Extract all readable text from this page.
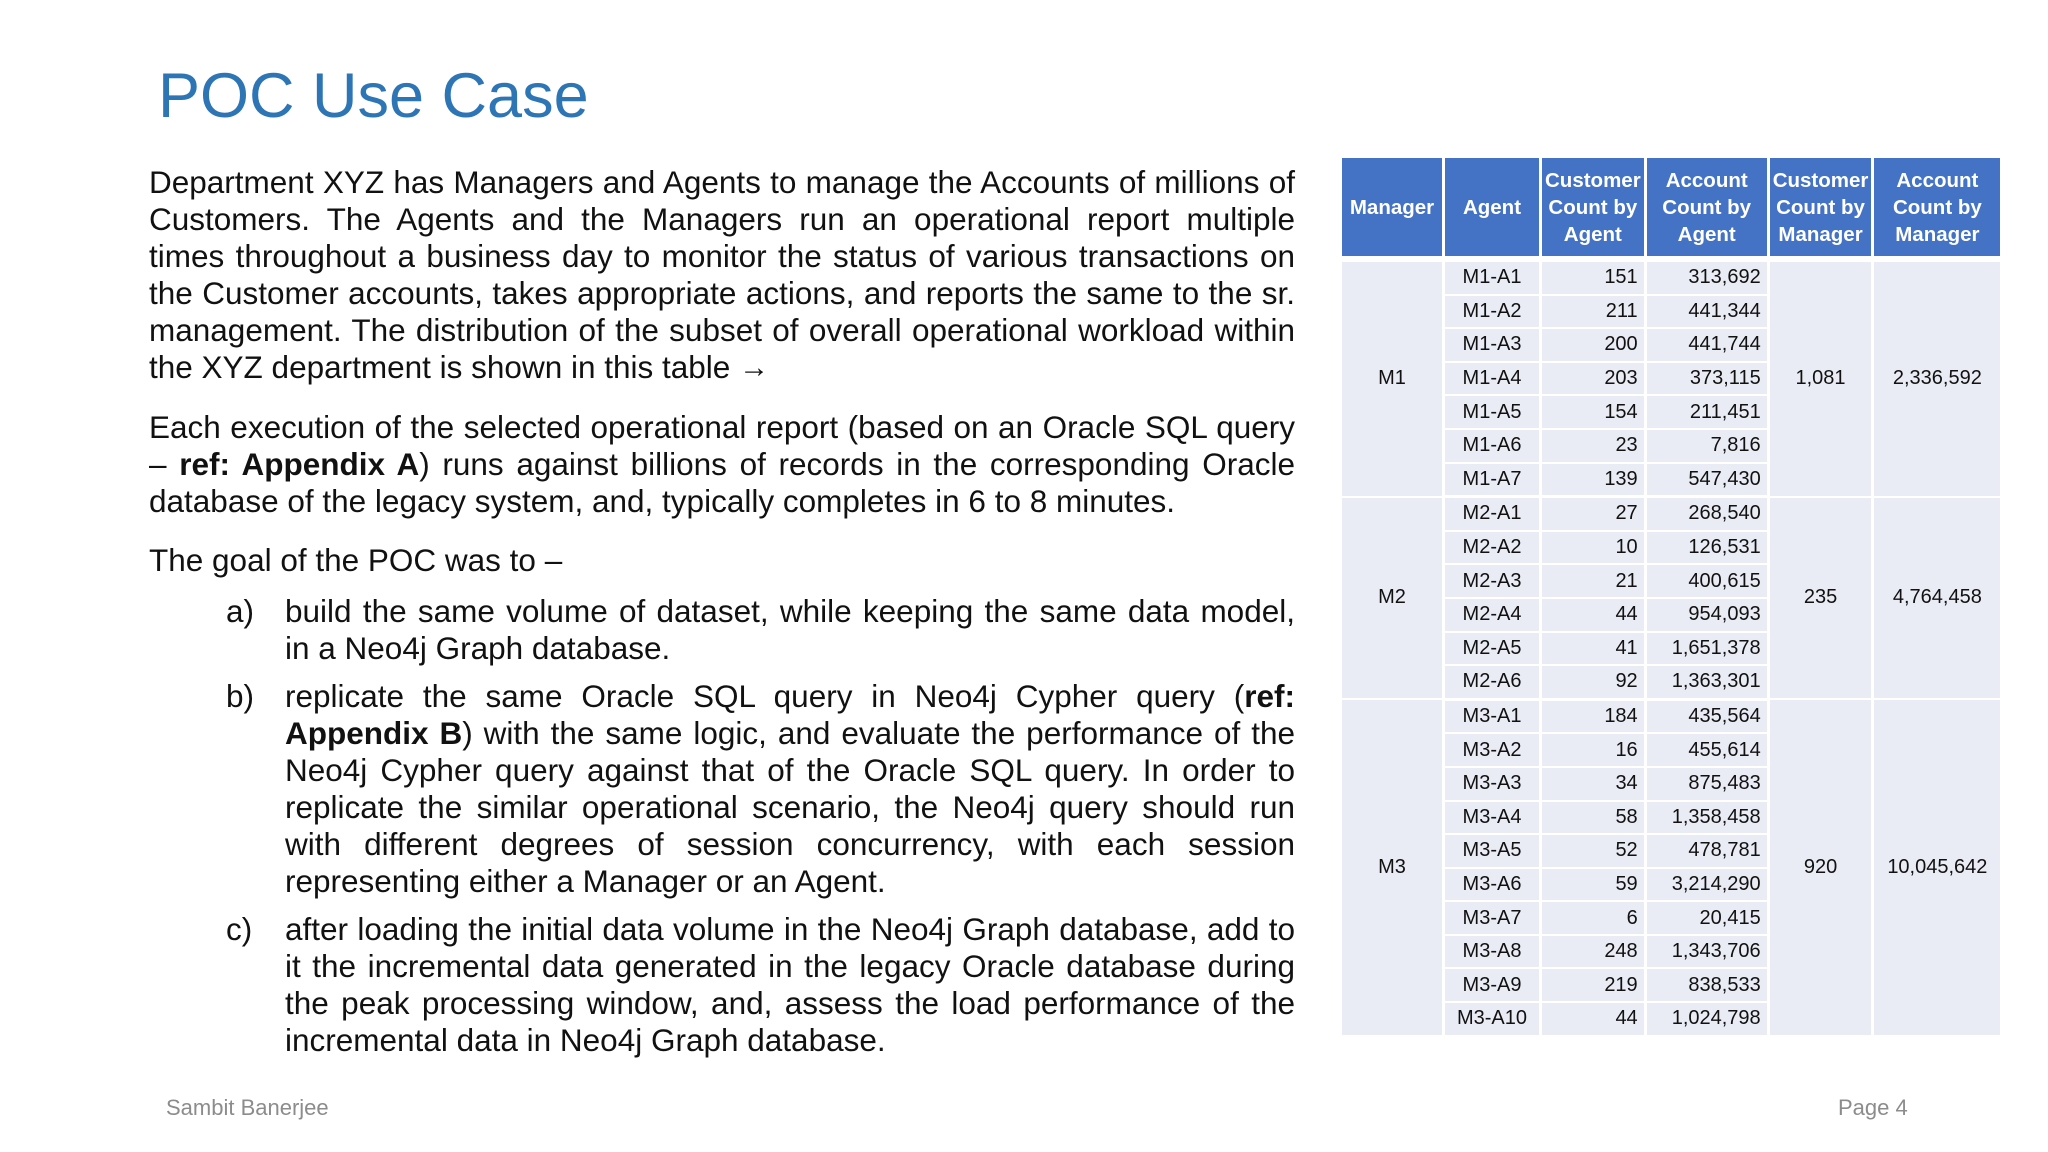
POC Use Case

Department XYZ has Managers and Agents to manage the Accounts of millions of Customers. The Agents and the Managers run an operational report multiple times throughout a business day to monitor the status of various transactions on the Customer accounts, takes appropriate actions, and reports the same to the sr. management. The distribution of the subset of overall operational workload within the XYZ department is shown in this table →

Each execution of the selected operational report (based on an Oracle SQL query – ref: Appendix A) runs against billions of records in the corresponding Oracle database of the legacy system, and, typically completes in 6 to 8 minutes.

The goal of the POC was to –

a) build the same volume of dataset, while keeping the same data model, in a Neo4j Graph database.
b) replicate the same Oracle SQL query in Neo4j Cypher query (ref: Appendix B) with the same logic, and evaluate the performance of the Neo4j Cypher query against that of the Oracle SQL query. In order to replicate the similar operational scenario, the Neo4j query should run with different degrees of session concurrency, with each session representing either a Manager or an Agent.
c) after loading the initial data volume in the Neo4j Graph database, add to it the incremental data generated in the legacy Oracle database during the peak processing window, and, assess the load performance of the incremental data in Neo4j Graph database.
Manager	Agent	Customer Count by Agent	Account Count by Agent	Customer Count by Manager	Account Count by Manager

M1	M1-A1	151	313,692	1,081	2,336,592
	M1-A2	211	441,344		
	M1-A3	200	441,744		
	M1-A4	203	373,115		
	M1-A5	154	211,451		
	M1-A6	23	7,816		
	M1-A7	139	547,430		
M2	M2-A1	27	268,540	235	4,764,458
	M2-A2	10	126,531		
	M2-A3	21	400,615		
	M2-A4	44	954,093		
	M2-A5	41	1,651,378		
	M2-A6	92	1,363,301		
M3	M3-A1	184	435,564	920	10,045,642
	M3-A2	16	455,614		
	M3-A3	34	875,483		
	M3-A4	58	1,358,458		
	M3-A5	52	478,781		
	M3-A6	59	3,214,290		
	M3-A7	6	20,415		
	M3-A8	248	1,343,706		
	M3-A9	219	838,533		
	M3-A10	44	1,024,798		
Sambit Banerjee	Page 4
